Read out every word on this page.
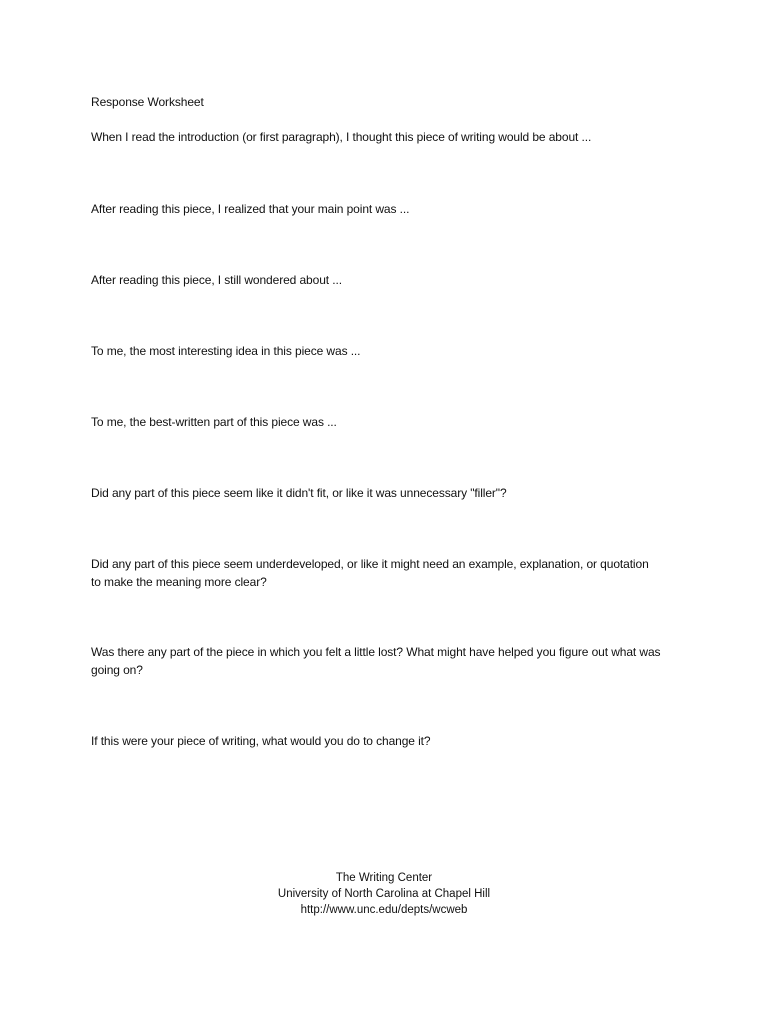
Response Worksheet
When I read the introduction (or first paragraph), I thought this piece of writing would be about ...
After reading this piece, I realized that your main point was ...
After reading this piece, I still wondered about ...
To me, the most interesting idea in this piece was ...
To me, the best-written part of this piece was ...
Did any part of this piece seem like it didn't fit, or like it was unnecessary "filler"?
Did any part of this piece seem underdeveloped, or like it might need an example, explanation, or quotation to make the meaning more clear?
Was there any part of the piece in which you felt a little lost? What might have helped you figure out what was going on?
If this were your piece of writing, what would you do to change it?
The Writing Center
University of North Carolina at Chapel Hill
http://www.unc.edu/depts/wcweb
